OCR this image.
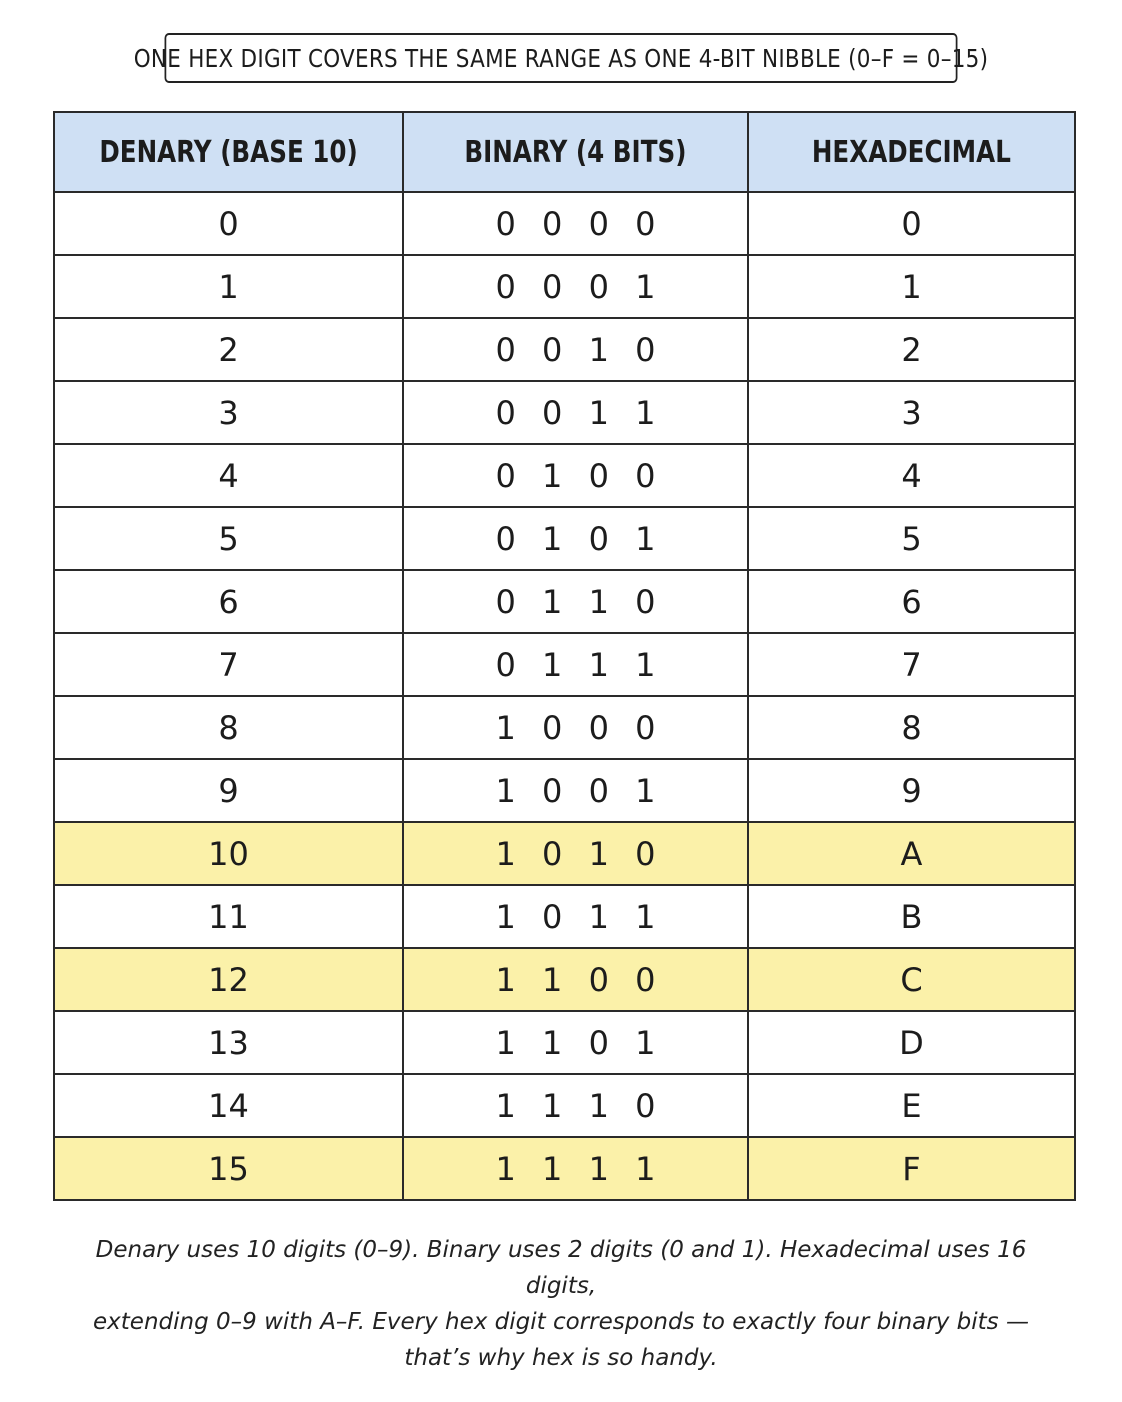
ONE HEX DIGIT COVERS THE SAME RANGE AS ONE 4-BIT NIBBLE (0–F = 0–15)
DENARY (BASE 10)	BINARY (4 BITS)	HEXADECIMAL
0	0 0 0 0	0
1	0 0 0 1	1
2	0 0 1 0	2
3	0 0 1 1	3
4	0 1 0 0	4
5	0 1 0 1	5
6	0 1 1 0	6
7	0 1 1 1	7
8	1 0 0 0	8
9	1 0 0 1	9
10	1 0 1 0	A
11	1 0 1 1	B
12	1 1 0 0	C
13	1 1 0 1	D
14	1 1 1 0	E
15	1 1 1 1	F
Denary uses 10 digits (0–9). Binary uses 2 digits (0 and 1). Hexadecimal uses 16 digits,
extending 0–9 with A–F. Every hex digit corresponds to exactly four binary bits —
that’s why hex is so handy.
